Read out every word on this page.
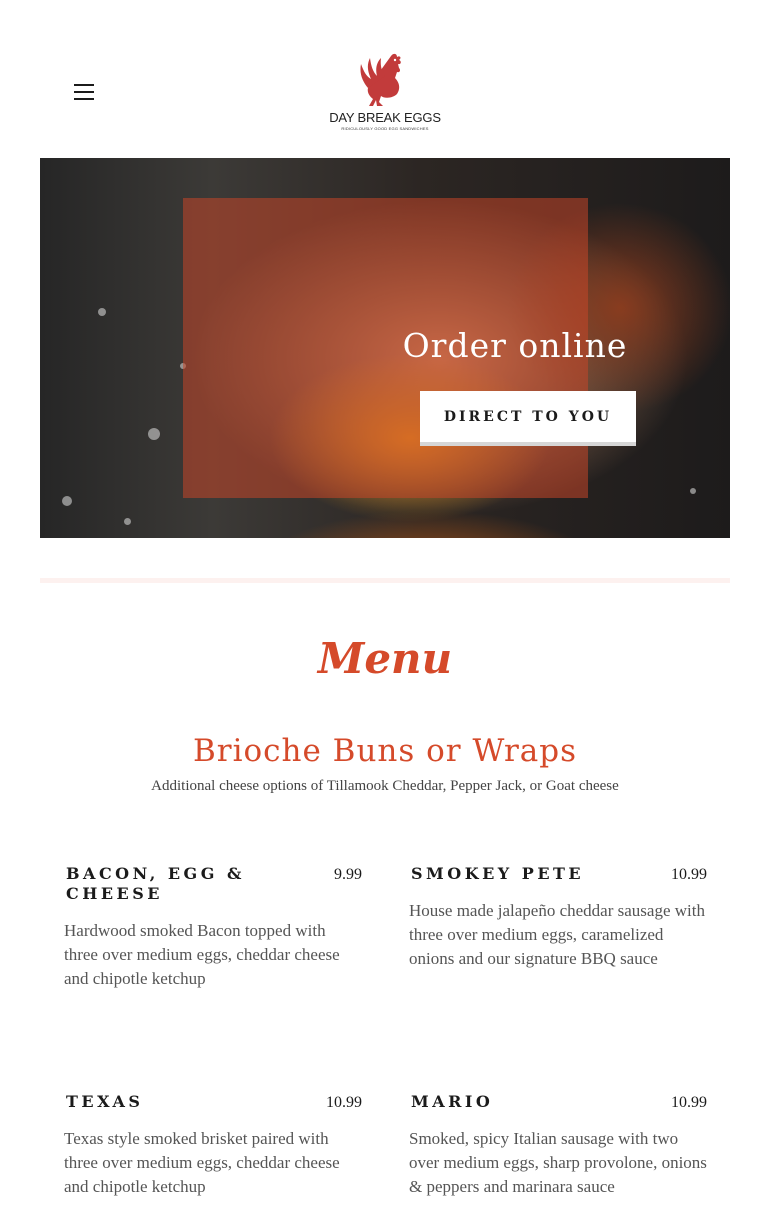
DAY BREAK EGGS
RIDICULOUSLY GOOD EGG SANDWICHES
Order online
DIRECT TO YOU
Menu
Brioche Buns or Wraps
Additional cheese options of Tillamook Cheddar, Pepper Jack, or Goat cheese
BACON, EGG & CHEESE
9.99
Hardwood smoked Bacon topped with three over medium eggs, cheddar cheese and chipotle ketchup
SMOKEY PETE	10.99
House made jalapeño cheddar sausage with three over medium eggs, caramelized onions and our signature BBQ sauce
TEXAS	10.99
Texas style smoked brisket paired with three over medium eggs, cheddar cheese and chipotle ketchup
MARIO	10.99
Smoked, spicy Italian sausage with two over medium eggs, sharp provolone, onions & peppers and marinara sauce
